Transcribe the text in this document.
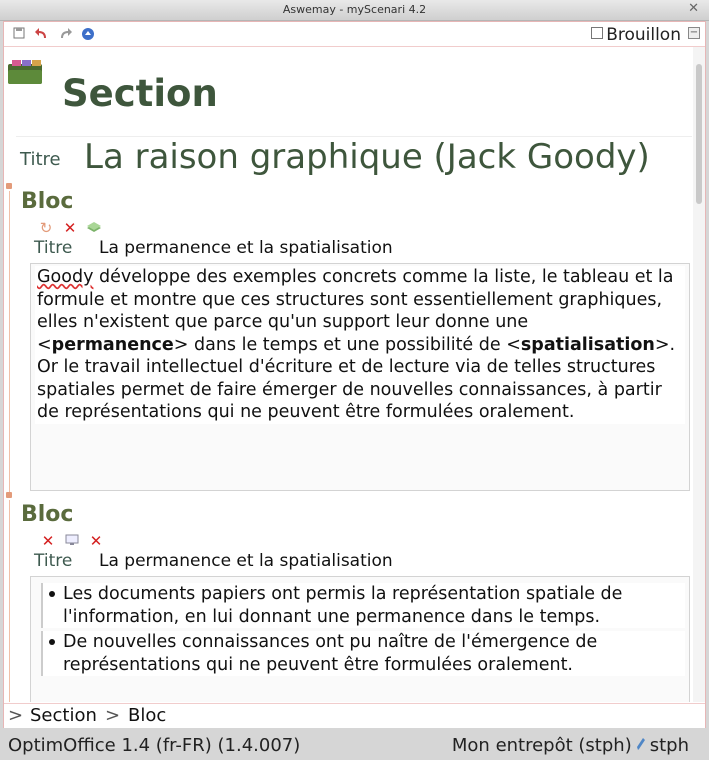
Aswemay - myScenari 4.2	✕
Brouillon −
Section
Titre La raison graphique (Jack Goody)
Bloc
↻ ✕
Titre La permanence et la spatialisation
Goody développe des exemples concrets comme la liste, le tableau et la formule et montre que ces structures sont essentiellement graphiques, elles n'existent que parce qu'un support leur donne une <permanence> dans le temps et une possibilité de <spatialisation>. Or le travail intellectuel d'écriture et de lecture via de telles structures spatiales permet de faire émerger de nouvelles connaissances, à partir de représentations qui ne peuvent être formulées oralement.
Bloc
✕ ✕
Titre La permanence et la spatialisation
Les documents papiers ont permis la représentation spatiale de l'information, en lui donnant une permanence dans le temps.
De nouvelles connaissances ont pu naître de l'émergence de représentations qui ne peuvent être formulées oralement.
> Section > Bloc
OptimOffice 1.4 (fr-FR) (1.4.007)	Mon entrepôt (stph) stph
